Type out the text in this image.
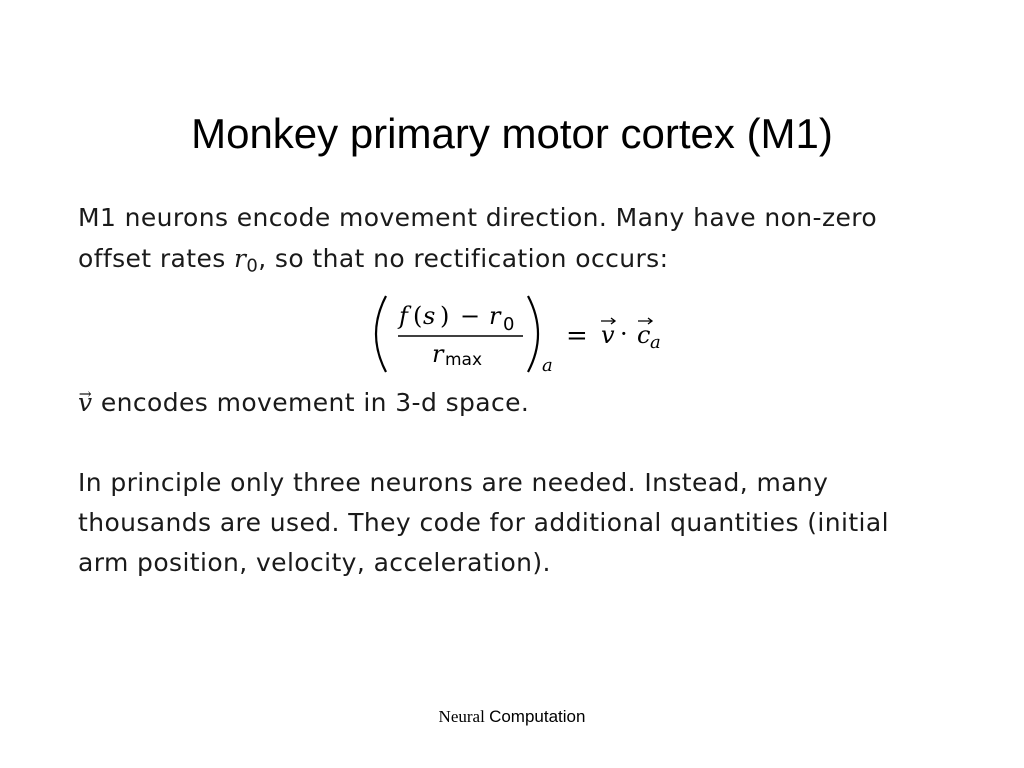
Monkey primary motor cortex (M1)
M1 neurons encode movement direction. Many have non-zero
offset rates $r_0$, so that no rectification occurs:
f ( s ) − r 0
r max	a
= v · c a
→ v encodes movement in 3-d space.
In principle only three neurons are needed. Instead, many
thousands are used. They code for additional quantities (initial
arm position, velocity, acceleration).
Neural Computation
